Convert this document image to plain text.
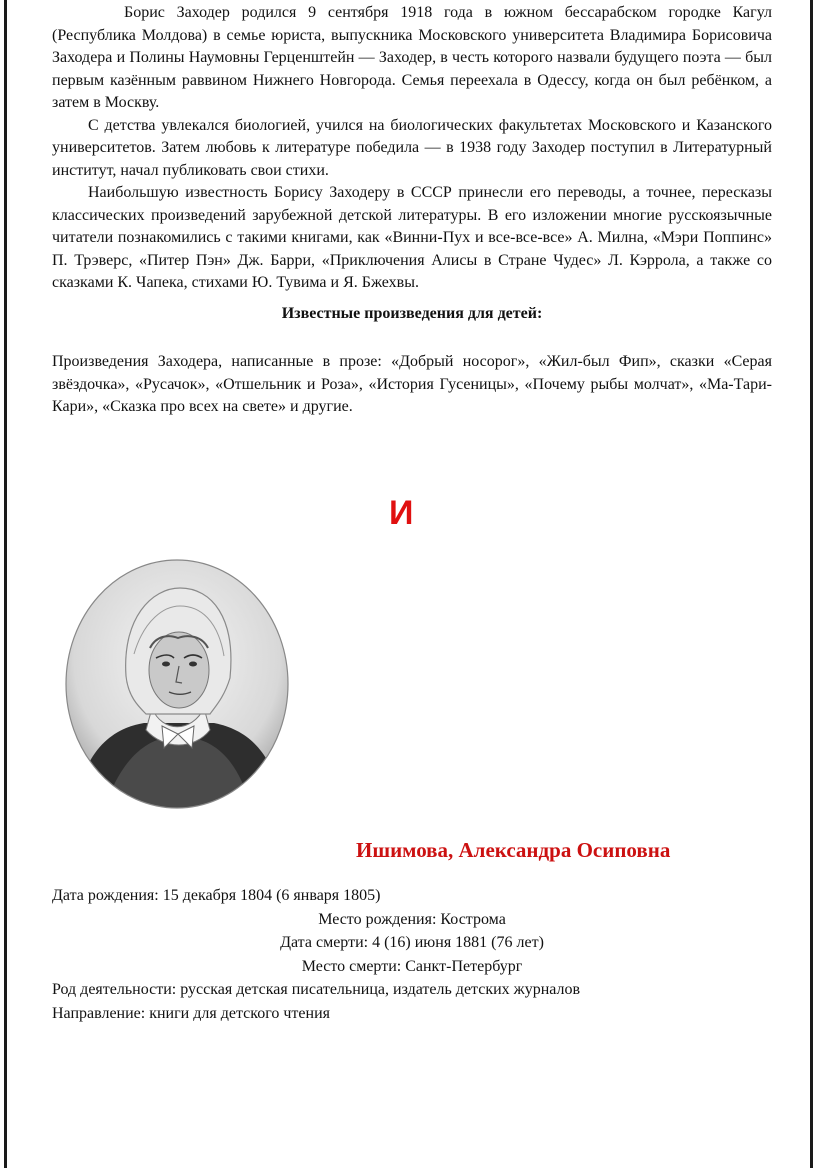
Борис Заходер родился 9 сентября 1918 года в южном бессарабском городке Кагул (Республика Молдова) в семье юриста, выпускника Московского университета Владимира Борисовича Заходера и Полины Наумовны Герценштейн — Заходер, в честь которого назвали будущего поэта — был первым казённым раввином Нижнего Новгорода. Семья переехала в Одессу, когда он был ребёнком, а затем в Москву.

С детства увлекался биологией, учился на биологических факультетах Московского и Казанского университетов. Затем любовь к литературе победила — в 1938 году Заходер поступил в Литературный институт, начал публиковать свои стихи.

Наибольшую известность Борису Заходеру в СССР принесли его переводы, а точнее, пересказы классических произведений зарубежной детской литературы. В его изложении многие русскоязычные читатели познакомились с такими книгами, как «Винни-Пух и все-все-все» А. Милна, «Мэри Поппинс» П. Трэверс, «Питер Пэн» Дж. Барри, «Приключения Алисы в Стране Чудес» Л. Кэррола, а также со сказками К. Чапека, стихами Ю. Тувима и Я. Бжехвы.

Известные произведения для детей:

Произведения Заходера, написанные в прозе: «Добрый носорог», «Жил-был Фип», сказки «Серая звёздочка», «Русачок», «Отшельник и Роза», «История Гусеницы», «Почему рыбы молчат», «Ма-Тари-Кари», «Сказка про всех на свете» и другие.

И
Ишимова, Александра Осиповна

Дата рождения: 15 декабря 1804 (6 января 1805)

Место рождения: Кострома

Дата смерти: 4 (16) июня 1881 (76 лет)

Место смерти: Санкт-Петербург

Род деятельности: русская детская писательница, издатель детских журналов

Направление: книги для детского чтения
